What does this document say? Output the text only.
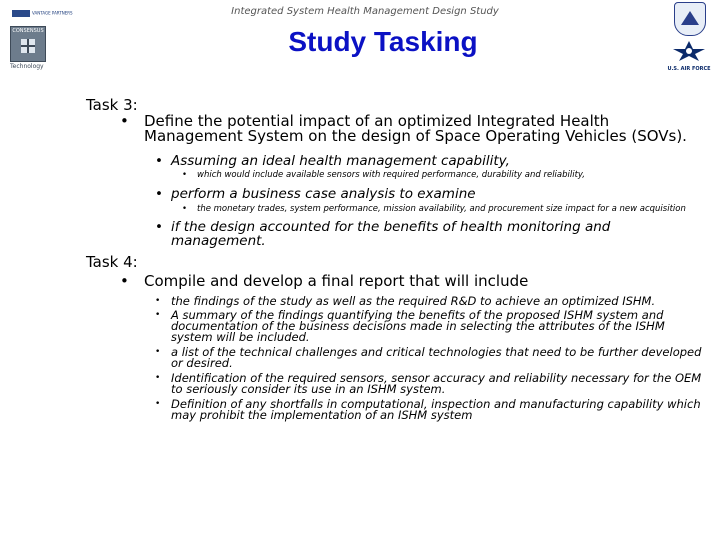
VANTAGE PARTNERS
CONSENSUS
Technology
Integrated System Health Management Design Study
Study Tasking
U.S. AIR FORCE

Task 3:

• Define the potential impact of an optimized Integrated Health Management System on the design of Space Operating Vehicles (SOVs).

• Assuming an ideal health management capability,

• which would include available sensors with required performance, durability and reliability,

• perform a business case analysis to examine

• the monetary trades, system performance, mission availability, and procurement size impact for a new acquisition

• if the design accounted for the benefits of health monitoring and management.

Task 4:

• Compile and develop a final report that will include

• the findings of the study as well as the required R&D to achieve an optimized ISHM.

• A summary of the findings quantifying the benefits of the proposed ISHM system and documentation of the business decisions made in selecting the attributes of the ISHM system will be included.

• a list of the technical challenges and critical technologies that need to be further developed or desired.

• Identification of the required sensors, sensor accuracy and reliability necessary for the OEM to seriously consider its use in an ISHM system.

• Definition of any shortfalls in computational, inspection and manufacturing capability which may prohibit the implementation of an ISHM system
